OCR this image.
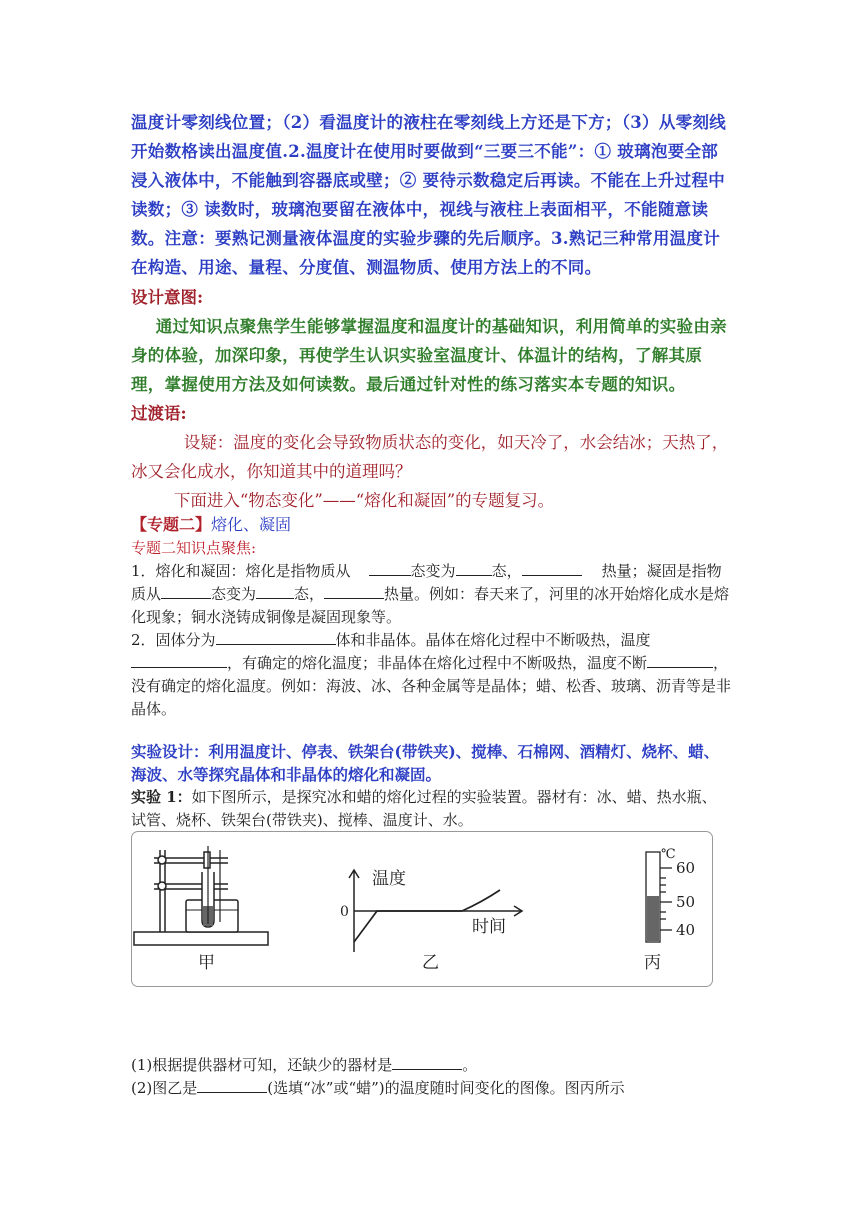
温度计零刻线位置；（2）看温度计的液柱在零刻线上方还是下方；（3）从零刻线开始数格读出温度值.2.温度计在使用时要做到“三要三不能”：① 玻璃泡要全部浸入液体中，不能触到容器底或壁；② 要待示数稳定后再读。不能在上升过程中读数；③ 读数时，玻璃泡要留在液体中，视线与液柱上表面相平，不能随意读数。注意：要熟记测量液体温度的实验步骤的先后顺序。3.熟记三种常用温度计在构造、用途、量程、分度值、测温物质、使用方法上的不同。

设计意图:

通过知识点聚焦学生能够掌握温度和温度计的基础知识，利用简单的实验由亲身的体验，加深印象，再使学生认识实验室温度计、体温计的结构，了解其原理，掌握使用方法及如何读数。最后通过针对性的练习落实本专题的知识。

过渡语:

设疑：温度的变化会导致物质状态的变化，如天冷了，水会结冰；天热了，冰又会化成水，你知道其中的道理吗？

下面进入“物态变化”——“熔化和凝固”的专题复习。

【专题二】熔化、凝固

专题二知识点聚焦:

1．熔化和凝固：熔化是指物质从	态变为 态，	热量；凝固是指物质从	态变为	态，	热量。例如：春天来了，河里的冰开始熔化成水是熔化现象；铜水浇铸成铜像是凝固现象等。

2．固体分为	体和非晶体。晶体在熔化过程中不断吸热，温度，有确定的熔化温度；非晶体在熔化过程中不断吸热，温度不断	，没有确定的熔化温度。例如：海波、冰、各种金属等是晶体；蜡、松香、玻璃、沥青等是非晶体。

实验设计：利用温度计、停表、铁架台(带铁夹)、搅棒、石棉网、酒精灯、烧杯、蜡、海波、水等探究晶体和非晶体的熔化和凝固。

实验 1：如下图所示，是探究冰和蜡的熔化过程的实验装置。器材有：冰、蜡、热水瓶、试管、烧杯、铁架台(带铁夹)、搅棒、温度计、水。

甲
温度
时间
0
乙
℃
60
50
40
丙

(1)根据提供器材可知，还缺少的器材是	。

(2)图乙是	(选填“冰”或“蜡”)的温度随时间变化的图像。图丙所示
